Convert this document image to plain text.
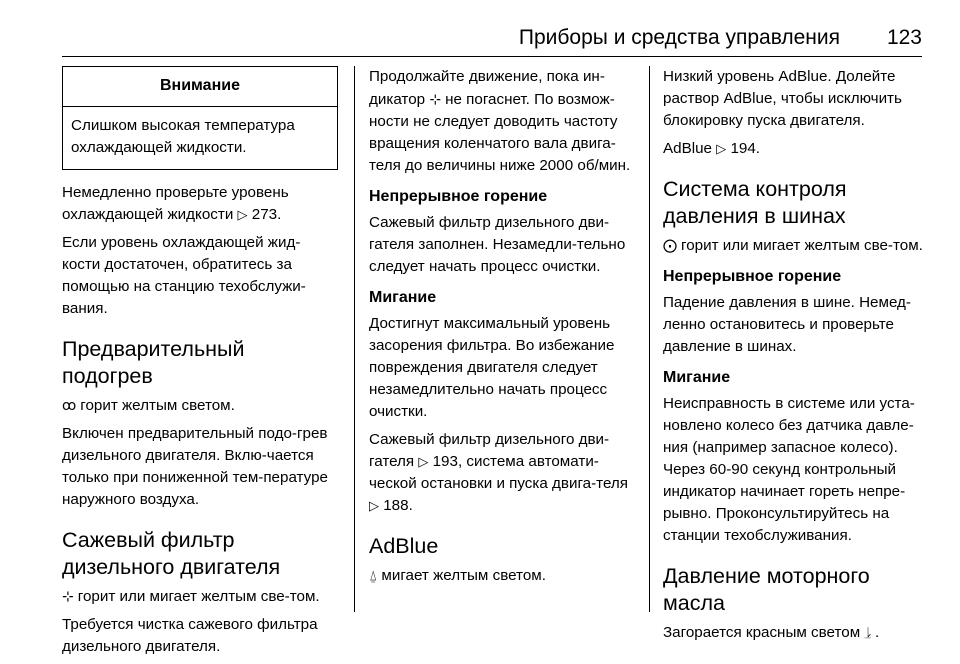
Приборы и средства управления 123
Внимание
Слишком высокая температура охлаждающей жидкости.

Немедленно проверьте уровень охлаждающей жидкости ▷ 273.

Если уровень охлаждающей жид-кости достаточен, обратитесь за помощью на станцию техобслужи-вания.

Предварительный подогрев

ꝏ горит желтым светом.

Включен предварительный подо-грев дизельного двигателя. Вклю-чается только при пониженной тем-пературе наружного воздуха.

Сажевый фильтр дизельного двигателя

⊹ горит или мигает желтым све-том.

Требуется чистка сажевого фильтра дизельного двигателя.

Продолжайте движение, пока ин-дикатор ⊹ не погаснет. По возмож-ности не следует доводить частоту вращения коленчатого вала двига-теля до величины ниже 2000 об/мин.

Непрерывное горение

Сажевый фильтр дизельного дви-гателя заполнен. Незамедли-тельно следует начать процесс очистки.

Мигание

Достигнут максимальный уровень засорения фильтра. Во избежание повреждения двигателя следует незамедлительно начать процесс очистки.

Сажевый фильтр дизельного дви-гателя ▷ 193, система автомати-ческой остановки и пуска двига-теля ▷ 188.

AdBlue

⍙ мигает желтым светом.

Низкий уровень AdBlue. Долейте раствор AdBlue, чтобы исключить блокировку пуска двигателя.

AdBlue ▷ 194.

Система контроля давления в шинах

⨀ горит или мигает желтым све-том.

Непрерывное горение

Падение давления в шине. Немед-ленно остановитесь и проверьте давление в шинах.

Мигание

Неисправность в системе или уста-новлено колесо без датчика давле-ния (например запасное колесо). Через 60-90 секунд контрольный индикатор начинает гореть непре-рывно. Проконсультируйтесь на станции техобслуживания.

Давление моторного масла

Загорается красным светом ⥕ .
